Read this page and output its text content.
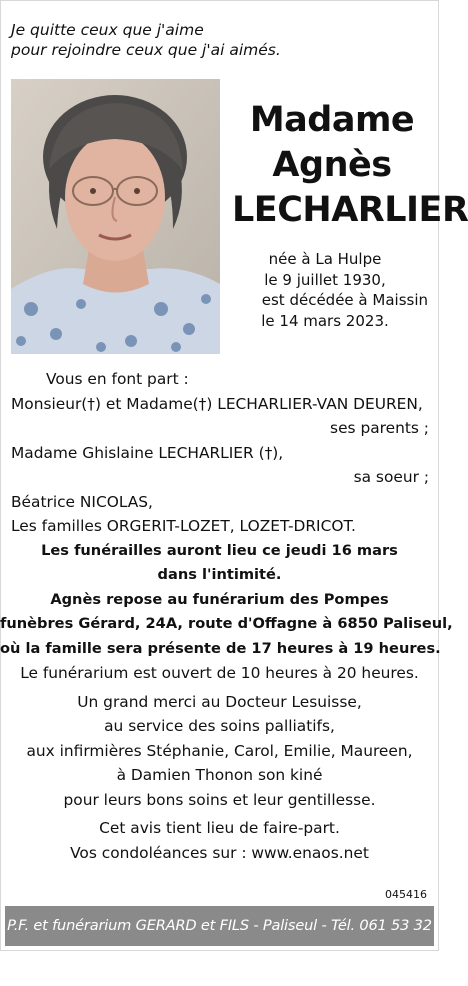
Je quitte ceux que j'aime
pour rejoindre ceux que j'ai aimés.
Madame
Agnès
LECHARLIER
née à La Hulpe
le 9 juillet 1930,
est décédée à Maissin
le 14 mars 2023.
Vous en font part :
Monsieur(†) et Madame(†) LECHARLIER-VAN DEUREN,
ses parents ;
Madame Ghislaine LECHARLIER (†),
sa soeur ;
Béatrice NICOLAS,
Les familles ORGERIT-LOZET, LOZET-DRICOT.
Les funérailles auront lieu ce jeudi 16 mars
dans l'intimité.
Agnès repose au funérarium des Pompes
funèbres Gérard, 24A, route d'Offagne à 6850 Paliseul,
où la famille sera présente de 17 heures à 19 heures.
Le funérarium est ouvert de 10 heures à 20 heures.
Un grand merci au Docteur Lesuisse,
au service des soins palliatifs,
aux infirmières Stéphanie, Carol, Emilie, Maureen,
à Damien Thonon son kiné
pour leurs bons soins et leur gentillesse.
Cet avis tient lieu de faire-part.
Vos condoléances sur : www.enaos.net
045416
P.F. et funérarium GERARD et FILS - Paliseul - Tél. 061 53 32 84
